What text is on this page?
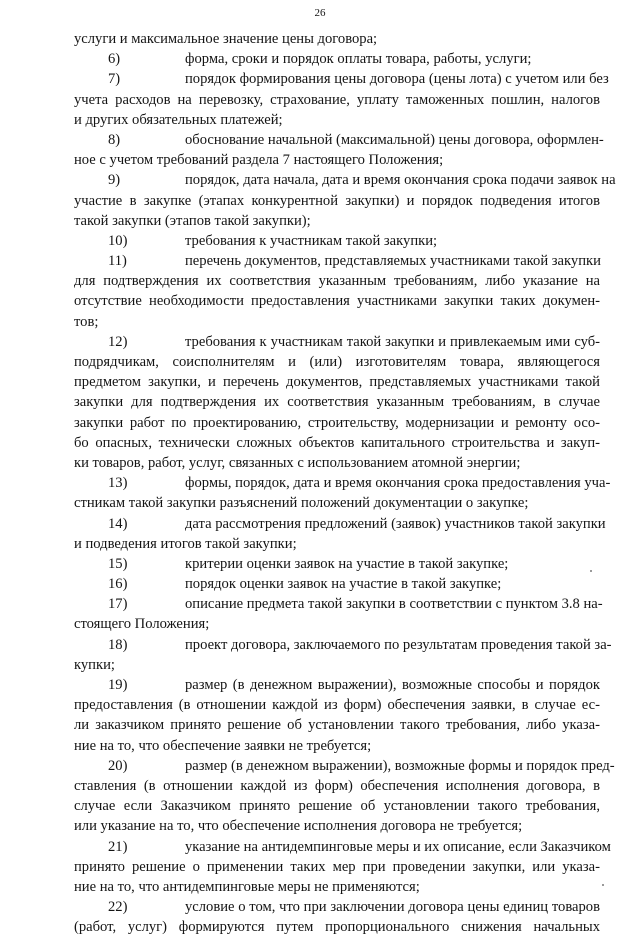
26
услуги и максимальное значение цены договора;
6)	форма, сроки и порядок оплаты товара, работы, услуги;
7)	порядок формирования цены договора (цены лота) с учетом или без
учета расходов на перевозку, страхование, уплату таможенных пошлин, налогов
и других обязательных платежей;
8)	обоснование начальной (максимальной) цены договора, оформлен-
ное с учетом требований раздела 7 настоящего Положения;
9)	порядок, дата начала, дата и время окончания срока подачи заявок на
участие в закупке (этапах конкурентной закупки) и порядок подведения итогов
такой закупки (этапов такой закупки);
10)	требования к участникам такой закупки;
11)	перечень документов, представляемых участниками такой закупки
для подтверждения их соответствия указанным требованиям, либо указание на
отсутствие необходимости предоставления участниками закупки таких докумен-
тов;
12)	требования к участникам такой закупки и привлекаемым ими суб-
подрядчикам, соисполнителям и (или) изготовителям товара, являющегося
предметом закупки, и перечень документов, представляемых участниками такой
закупки для подтверждения их соответствия указанным требованиям, в случае
закупки работ по проектированию, строительству, модернизации и ремонту осо-
бо опасных, технически сложных объектов капитального строительства и закуп-
ки товаров, работ, услуг, связанных с использованием атомной энергии;
13)	формы, порядок, дата и время окончания срока предоставления уча-
стникам такой закупки разъяснений положений документации о закупке;
14)	дата рассмотрения предложений (заявок) участников такой закупки
и подведения итогов такой закупки;
15)	критерии оценки заявок на участие в такой закупке;
16)	порядок оценки заявок на участие в такой закупке;
17)	описание предмета такой закупки в соответствии с пунктом 3.8 на-
стоящего Положения;
18)	проект договора, заключаемого по результатам проведения такой за-
купки;
19)	размер (в денежном выражении), возможные способы и порядок
предоставления (в отношении каждой из форм) обеспечения заявки, в случае ес-
ли заказчиком принято решение об установлении такого требования, либо указа-
ние на то, что обеспечение заявки не требуется;
20)	размер (в денежном выражении), возможные формы и порядок пред-
ставления (в отношении каждой из форм) обеспечения исполнения договора, в
случае если Заказчиком принято решение об установлении такого требования,
или указание на то, что обеспечение исполнения договора не требуется;
21)	указание на антидемпинговые меры и их описание, если Заказчиком
принято решение о применении таких мер при проведении закупки, или указа-
ние на то, что антидемпинговые меры не применяются;
22)	условие о том, что при заключении договора цены единиц товаров
(работ, услуг) формируются путем пропорционального снижения начальных
